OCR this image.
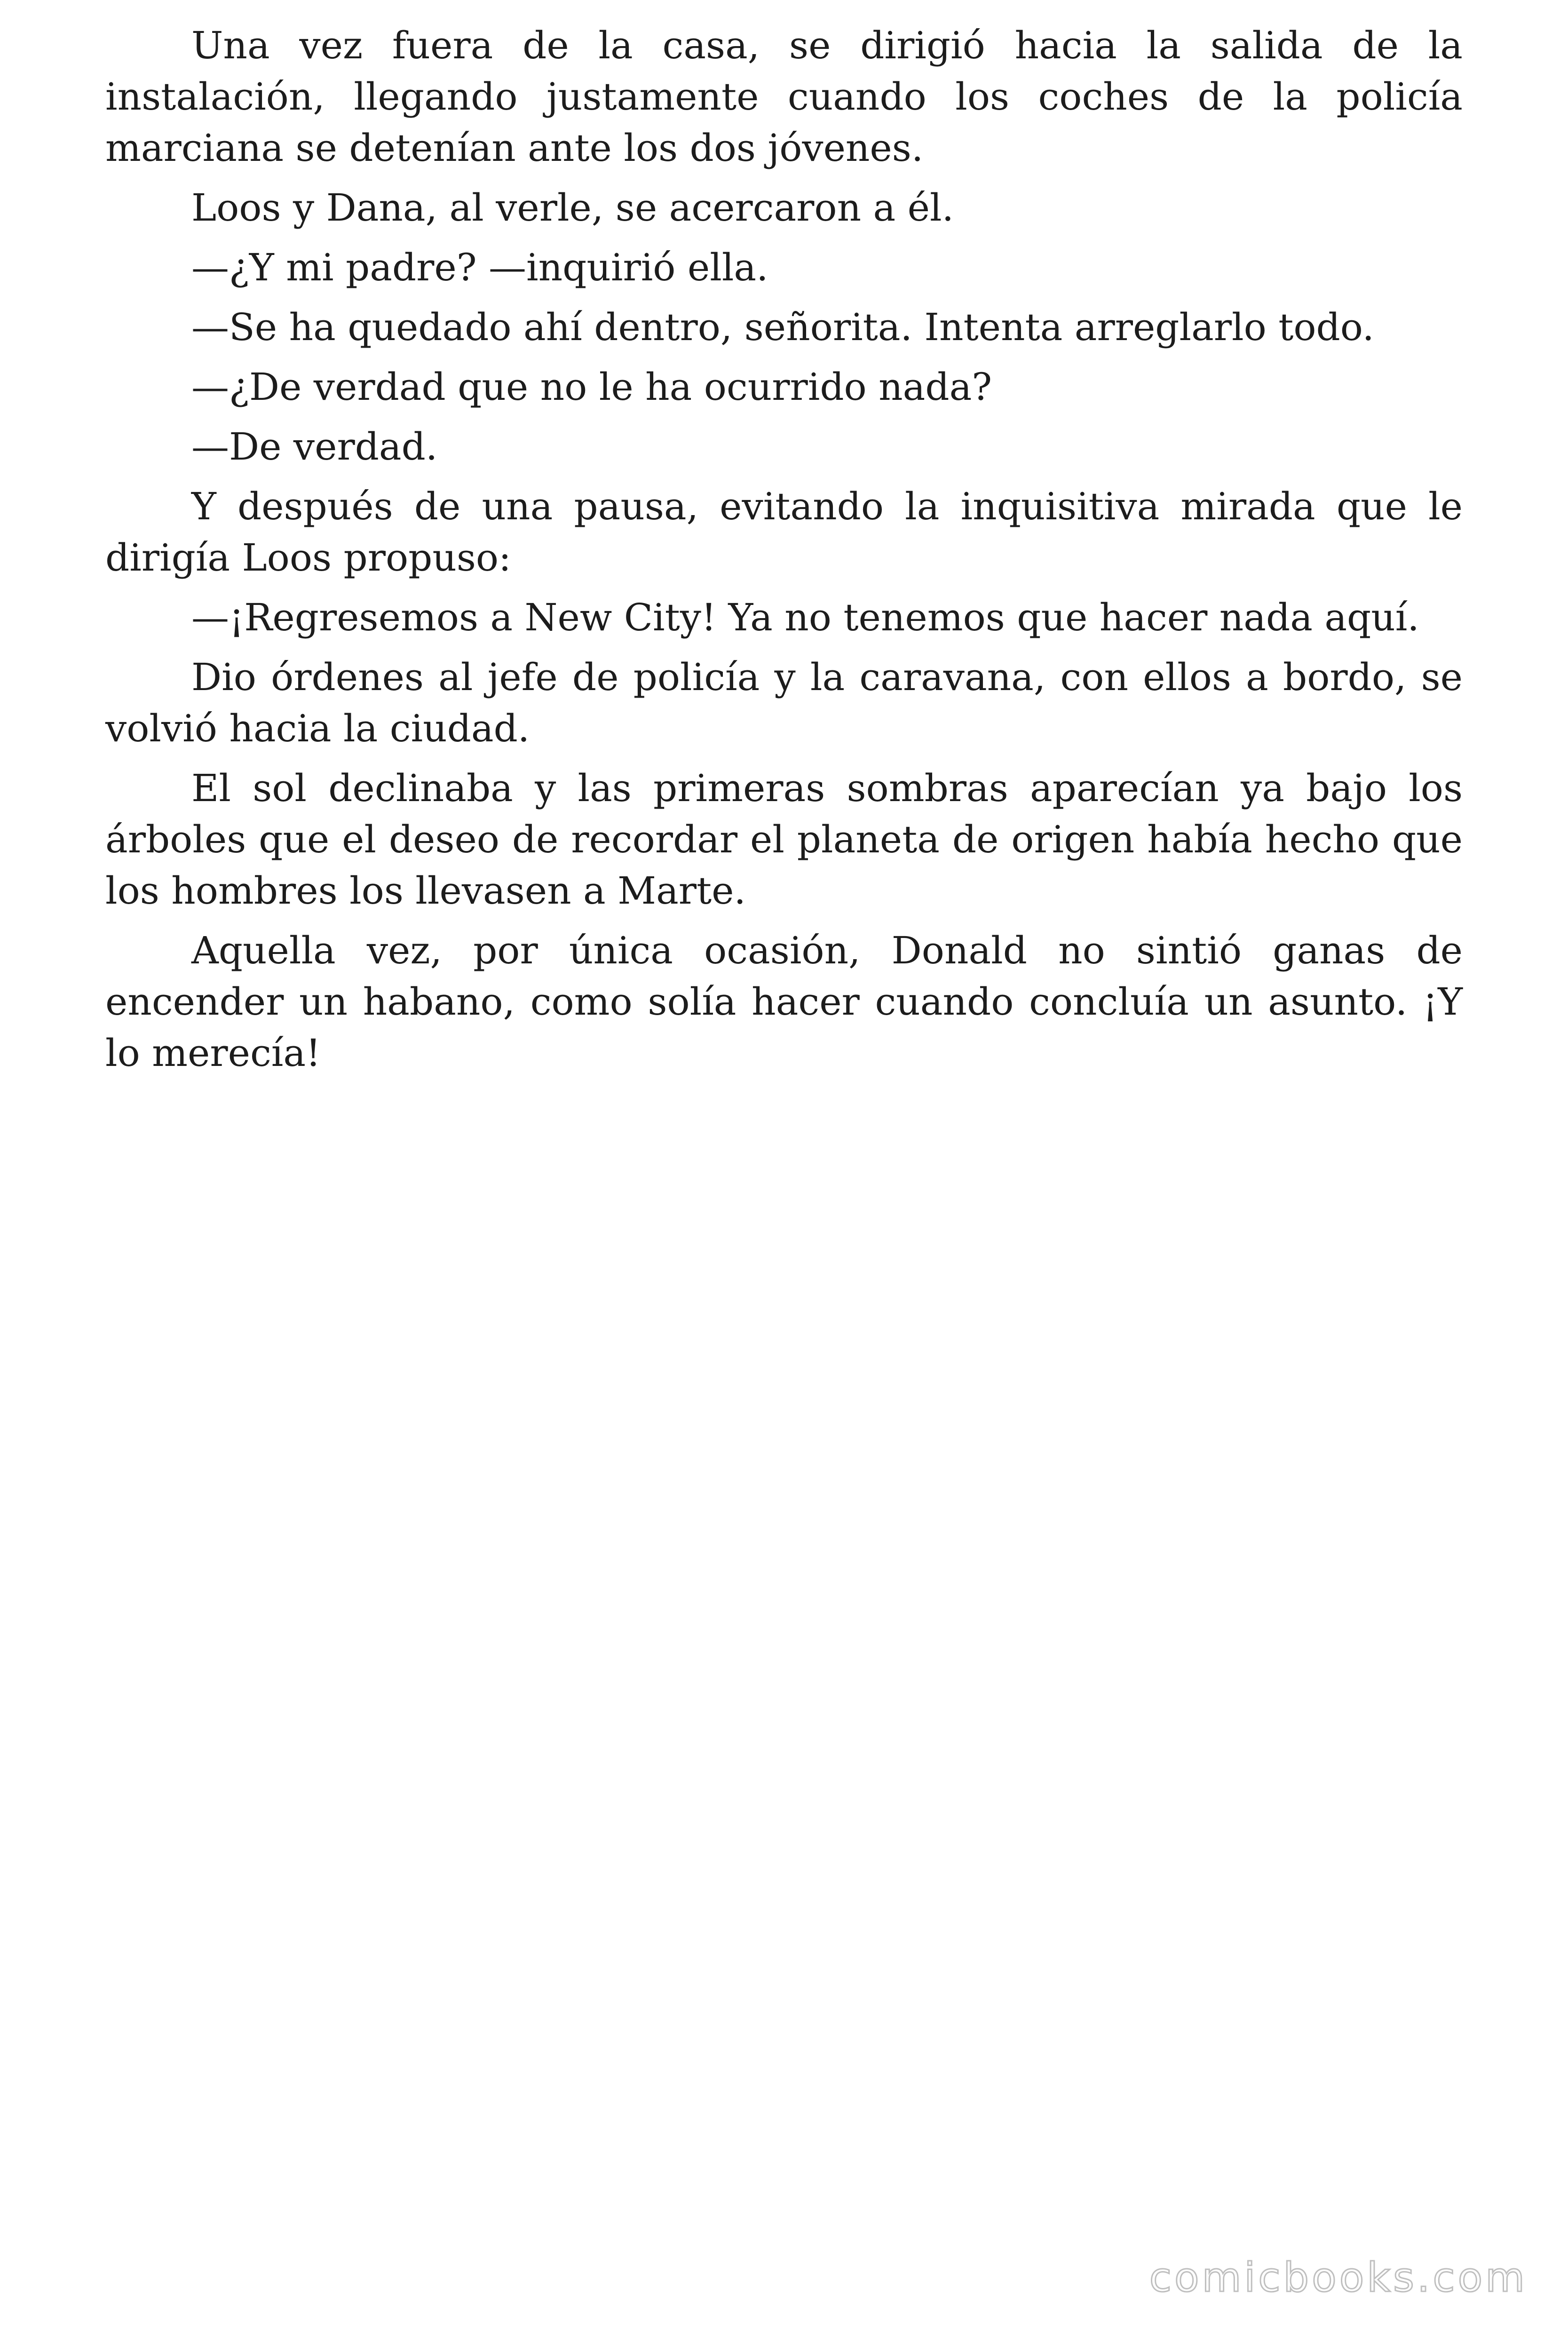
Una vez fuera de la casa, se dirigió hacia la salida de la instalación, llegando justamente cuando los coches de la policía marciana se detenían ante los dos jóvenes.

Loos y Dana, al verle, se acercaron a él.

—¿Y mi padre? —inquirió ella.

—Se ha quedado ahí dentro, señorita. Intenta arreglarlo todo.

—¿De verdad que no le ha ocurrido nada?

—De verdad.

Y después de una pausa, evitando la inquisitiva mirada que le dirigía Loos propuso:

—¡Regresemos a New City! Ya no tenemos que hacer nada aquí.

Dio órdenes al jefe de policía y la caravana, con ellos a bordo, se volvió hacia la ciudad.

El sol declinaba y las primeras sombras aparecían ya bajo los árboles que el deseo de recordar el planeta de origen había hecho que los hombres los llevasen a Marte.

Aquella vez, por única ocasión, Donald no sintió ganas de encender un habano, como solía hacer cuando concluía un asunto. ¡Y lo merecía!

comicbooks.com
